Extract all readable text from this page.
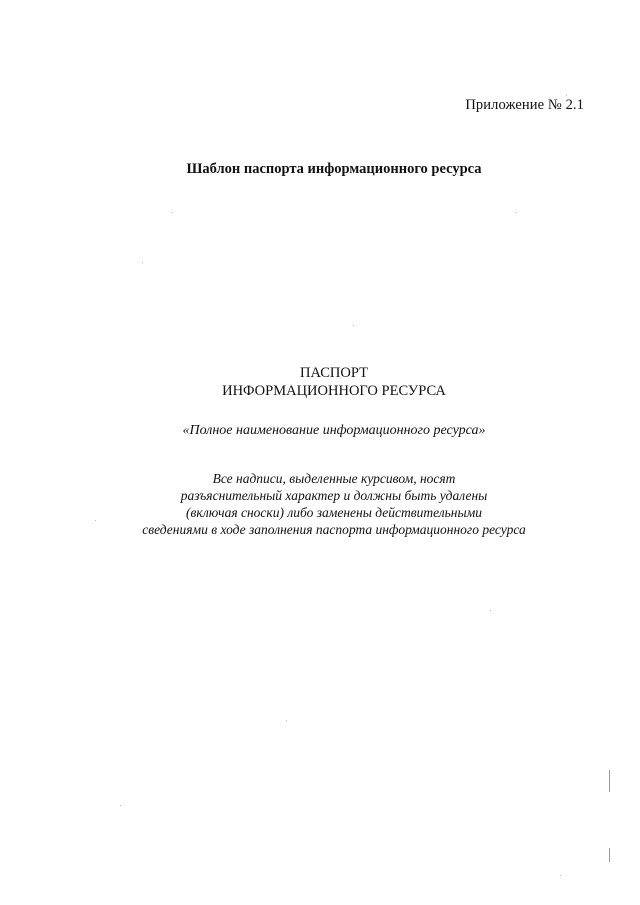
Приложение № 2.1
Шаблон паспорта информационного ресурса
ПАСПОРТ
ИНФОРМАЦИОННОГО РЕСУРСА
«Полное наименование информационного ресурса»
Все надписи, выделенные курсивом, носят
разъяснительный характер и должны быть удалены
(включая сноски) либо заменены действительными
сведениями в ходе заполнения паспорта информационного ресурса
